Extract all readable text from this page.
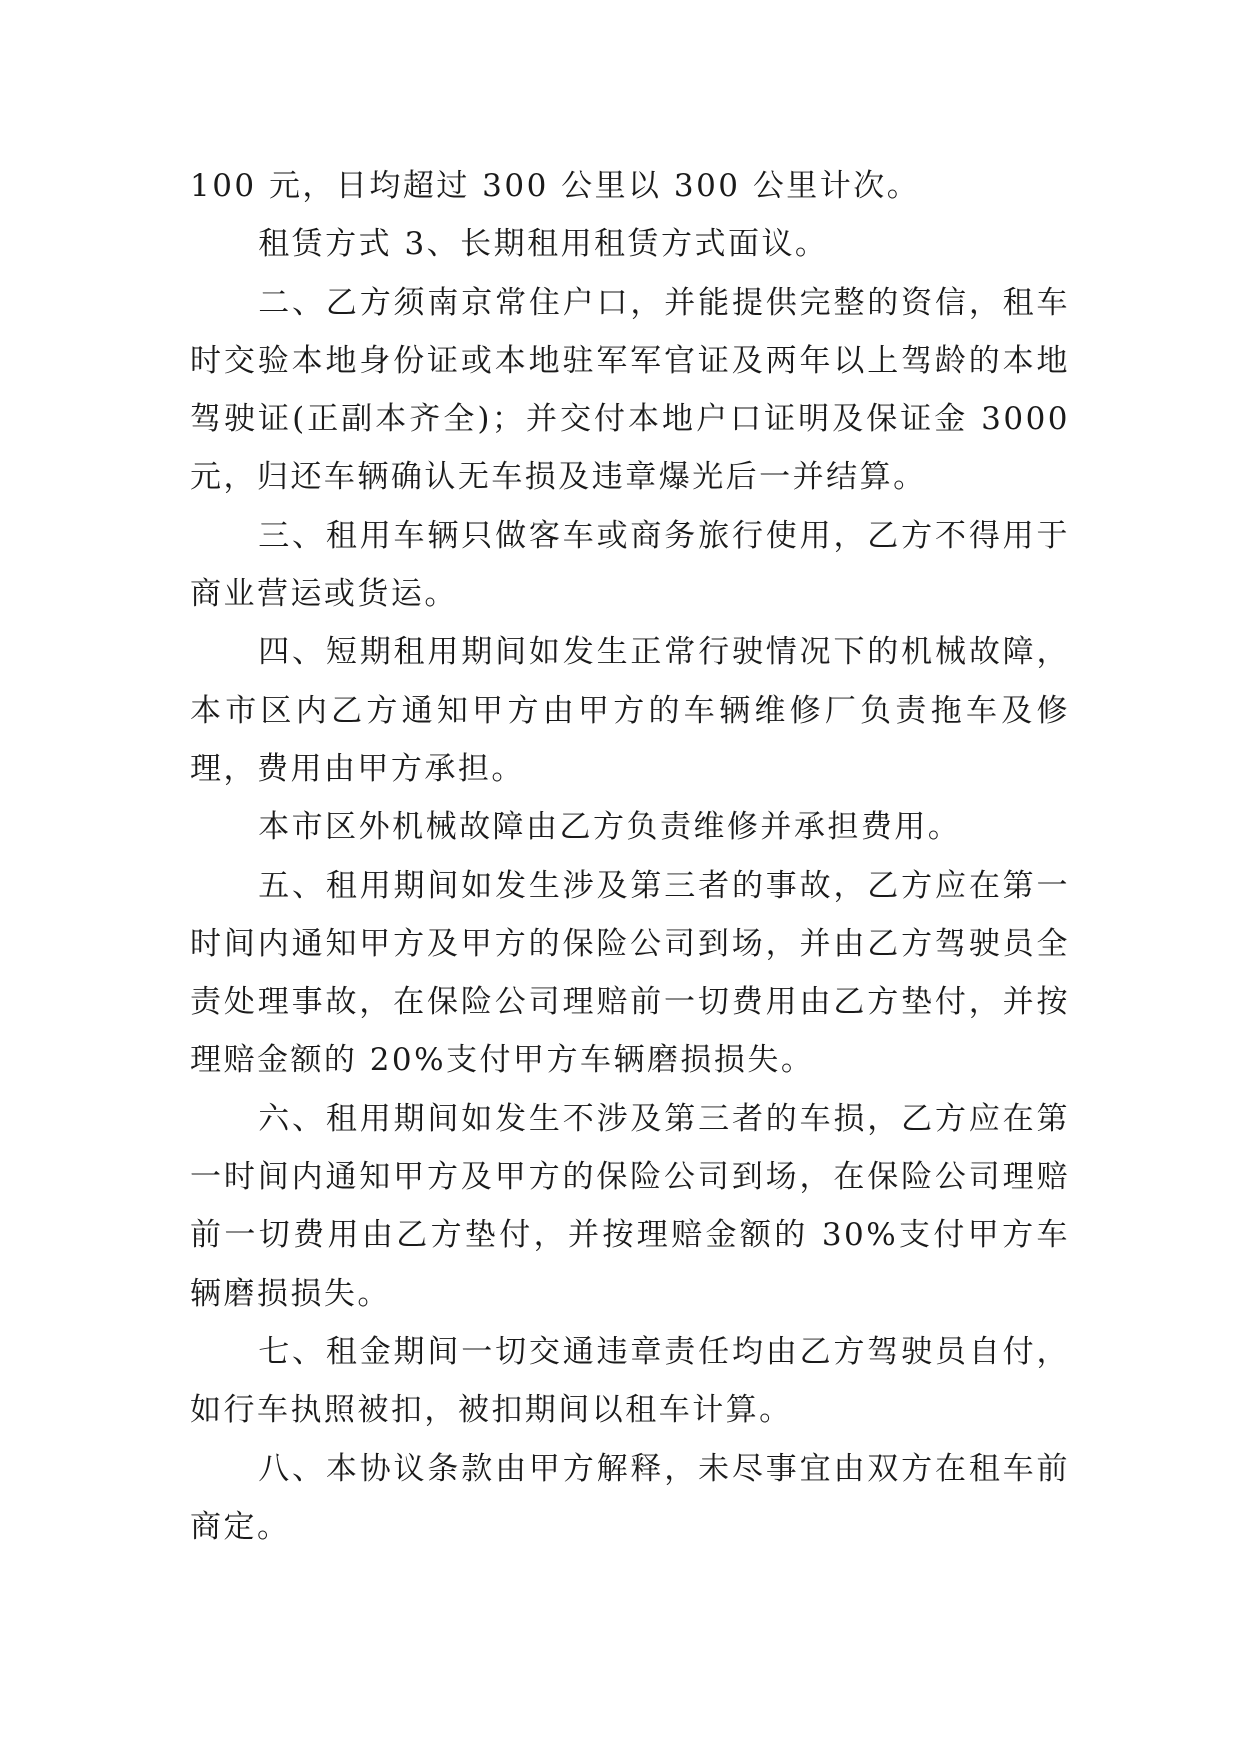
100 元，日均超过 300 公里以 300 公里计次。

租赁方式 3、长期租用租赁方式面议。

二、乙方须南京常住户口，并能提供完整的资信，租车时交验本地身份证或本地驻军军官证及两年以上驾龄的本地驾驶证(正副本齐全)；并交付本地户口证明及保证金 3000 元，归还车辆确认无车损及违章爆光后一并结算。

三、租用车辆只做客车或商务旅行使用，乙方不得用于商业营运或货运。

四、短期租用期间如发生正常行驶情况下的机械故障，本市区内乙方通知甲方由甲方的车辆维修厂负责拖车及修理，费用由甲方承担。

本市区外机械故障由乙方负责维修并承担费用。

五、租用期间如发生涉及第三者的事故，乙方应在第一时间内通知甲方及甲方的保险公司到场，并由乙方驾驶员全责处理事故，在保险公司理赔前一切费用由乙方垫付，并按理赔金额的 20%支付甲方车辆磨损损失。

六、租用期间如发生不涉及第三者的车损，乙方应在第一时间内通知甲方及甲方的保险公司到场，在保险公司理赔前一切费用由乙方垫付，并按理赔金额的 30%支付甲方车辆磨损损失。

七、租金期间一切交通违章责任均由乙方驾驶员自付，如行车执照被扣，被扣期间以租车计算。

八、本协议条款由甲方解释，未尽事宜由双方在租车前商定。
